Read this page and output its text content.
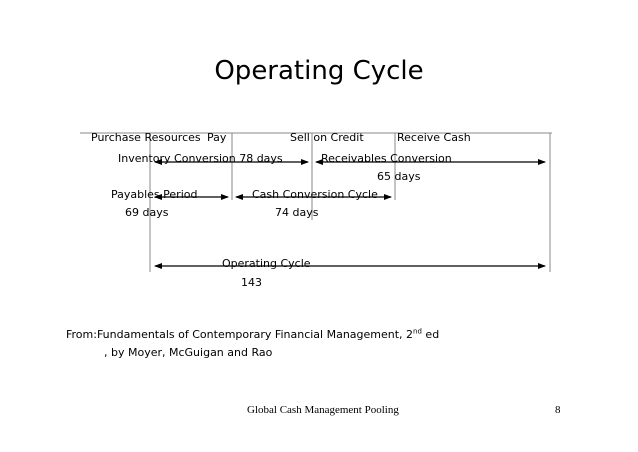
Operating Cycle
Purchase Resources Pay	Sell on Credit	Receive Cash
Inventory Conversion 78 days	Receivables Conversion
65 days
Payables Period	Cash Conversion Cycle
69 days	74 days
Operating Cycle
143
From:Fundamentals of Contemporary Financial Management, 2nd ed
, by Moyer, McGuigan and Rao
Global Cash Management Pooling	8
